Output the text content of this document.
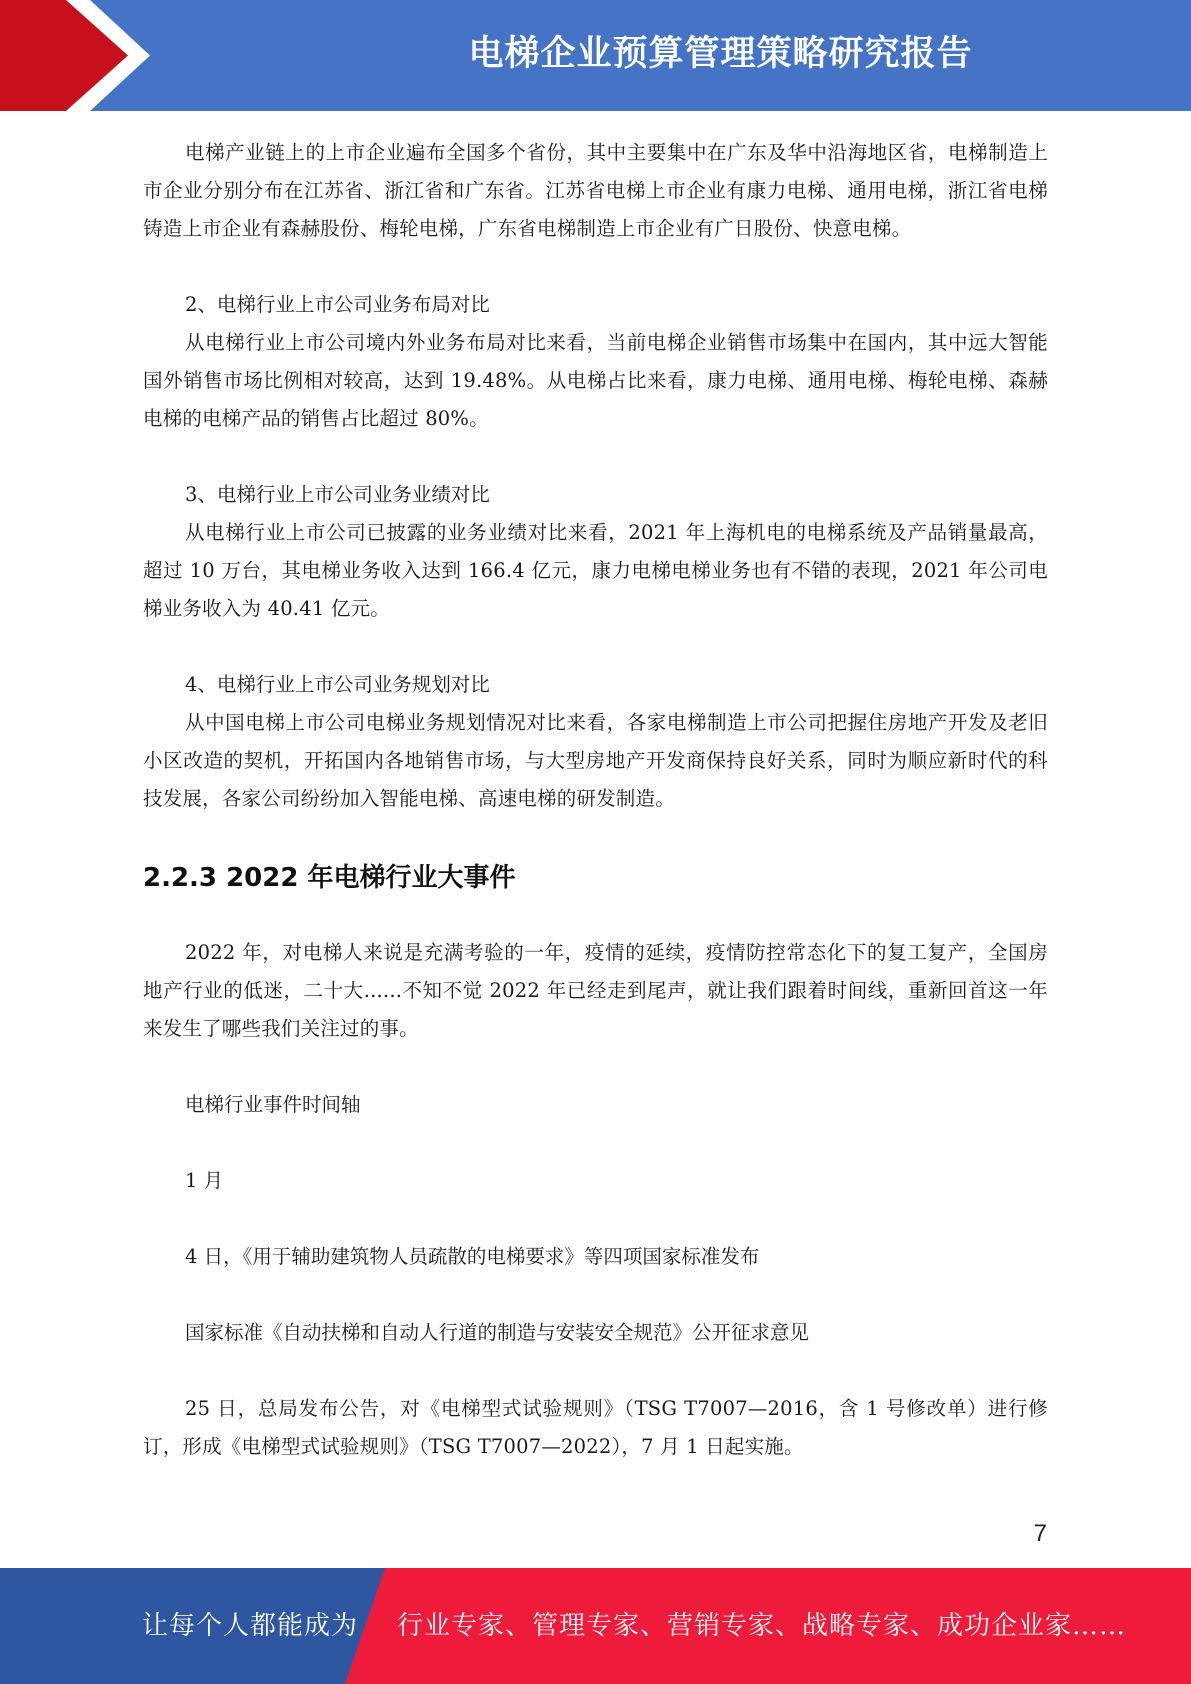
电梯企业预算管理策略研究报告

电梯产业链上的上市企业遍布全国多个省份，其中主要集中在广东及华中沿海地区省，电梯制造上市企业分别分布在江苏省、浙江省和广东省。江苏省电梯上市企业有康力电梯、通用电梯，浙江省电梯铸造上市企业有森赫股份、梅轮电梯，广东省电梯制造上市企业有广日股份、快意电梯。

2、电梯行业上市公司业务布局对比

从电梯行业上市公司境内外业务布局对比来看，当前电梯企业销售市场集中在国内，其中远大智能国外销售市场比例相对较高，达到 19.48%。从电梯占比来看，康力电梯、通用电梯、梅轮电梯、森赫电梯的电梯产品的销售占比超过 80%。

3、电梯行业上市公司业务业绩对比

从电梯行业上市公司已披露的业务业绩对比来看，2021 年上海机电的电梯系统及产品销量最高，超过 10 万台，其电梯业务收入达到 166.4 亿元，康力电梯电梯业务也有不错的表现，2021 年公司电梯业务收入为 40.41 亿元。

4、电梯行业上市公司业务规划对比

从中国电梯上市公司电梯业务规划情况对比来看，各家电梯制造上市公司把握住房地产开发及老旧小区改造的契机，开拓国内各地销售市场，与大型房地产开发商保持良好关系，同时为顺应新时代的科技发展，各家公司纷纷加入智能电梯、高速电梯的研发制造。

2.2.3 2022 年电梯行业大事件

2022 年，对电梯人来说是充满考验的一年，疫情的延续，疫情防控常态化下的复工复产，全国房地产行业的低迷，二十大......不知不觉 2022 年已经走到尾声，就让我们跟着时间线，重新回首这一年来发生了哪些我们关注过的事。

电梯行业事件时间轴

1 月

4 日，《用于辅助建筑物人员疏散的电梯要求》等四项国家标准发布

国家标准《自动扶梯和自动人行道的制造与安装安全规范》公开征求意见

25 日，总局发布公告，对《电梯型式试验规则》（TSG T7007—2016，含 1 号修改单）进行修订，形成《电梯型式试验规则》（TSG T7007—2022），7 月 1 日起实施。

7
让每个人都能成为 行业专家、管理专家、营销专家、战略专家、成功企业家……
